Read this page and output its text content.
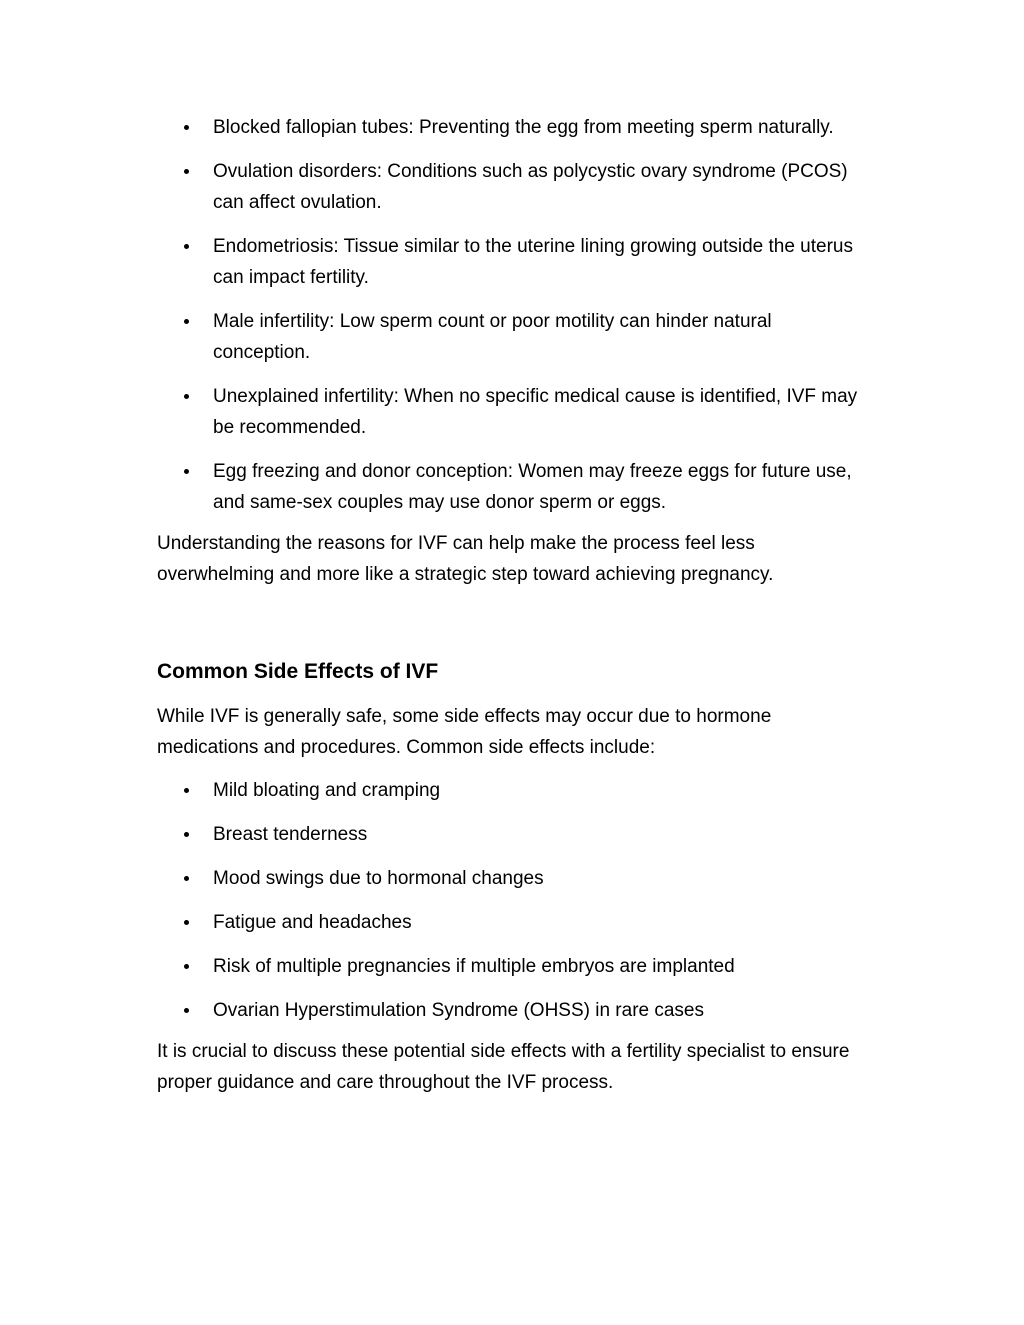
Blocked fallopian tubes: Preventing the egg from meeting sperm naturally.
Ovulation disorders: Conditions such as polycystic ovary syndrome (PCOS) can affect ovulation.
Endometriosis: Tissue similar to the uterine lining growing outside the uterus can impact fertility.
Male infertility: Low sperm count or poor motility can hinder natural conception.
Unexplained infertility: When no specific medical cause is identified, IVF may be recommended.
Egg freezing and donor conception: Women may freeze eggs for future use, and same-sex couples may use donor sperm or eggs.

Understanding the reasons for IVF can help make the process feel less overwhelming and more like a strategic step toward achieving pregnancy.

Common Side Effects of IVF

While IVF is generally safe, some side effects may occur due to hormone medications and procedures. Common side effects include:

Mild bloating and cramping
Breast tenderness
Mood swings due to hormonal changes
Fatigue and headaches
Risk of multiple pregnancies if multiple embryos are implanted
Ovarian Hyperstimulation Syndrome (OHSS) in rare cases

It is crucial to discuss these potential side effects with a fertility specialist to ensure proper guidance and care throughout the IVF process.
